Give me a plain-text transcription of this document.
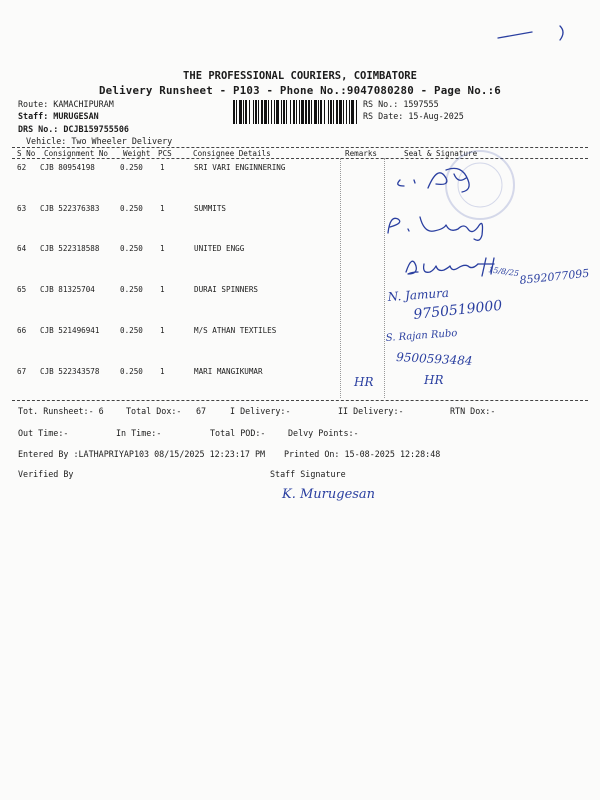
THE PROFESSIONAL COURIERS, COIMBATORE
Delivery Runsheet - P103 - Phone No.:9047080280 - Page No.:6
Route: KAMACHIPURAM
Staff: MURUGESAN
DRS No.: DCJB159755506
Vehicle: Two Wheeler Delivery
RS No.: 1597555
RS Date: 15-Aug-2025
S No Consignment No Weight PCS	Consignee Details	Remarks	Seal & Signature
62 CJB 80954198	0.250 1	SRI VARI ENGINNERING
63 CJB 522376383	0.250 1	SUMMITS
64 CJB 522318588	0.250 1	UNITED ENGG
65 CJB 81325704	0.250 1	DURAI SPINNERS
66 CJB 521496941	0.250 1	M/S ATHAN TEXTILES
67 CJB 522343578	0.250 1	MARI MANGIKUMAR
15/8/25 8592077095
N. Jamura
9750519000
S. Rajan Rubo
9500593484
HR	HR
Tot. Runsheet:- 6	Total Dox:- 67	I Delivery:-	II Delivery:-	RTN Dox:-
Out Time:-	In Time:-	Total POD:-	Delvy Points:-
Entered By :LATHAPRIYAP103 08/15/2025 12:23:17 PM Printed On: 15-08-2025 12:28:48
Verified By	Staff Signature
K. Murugesan
